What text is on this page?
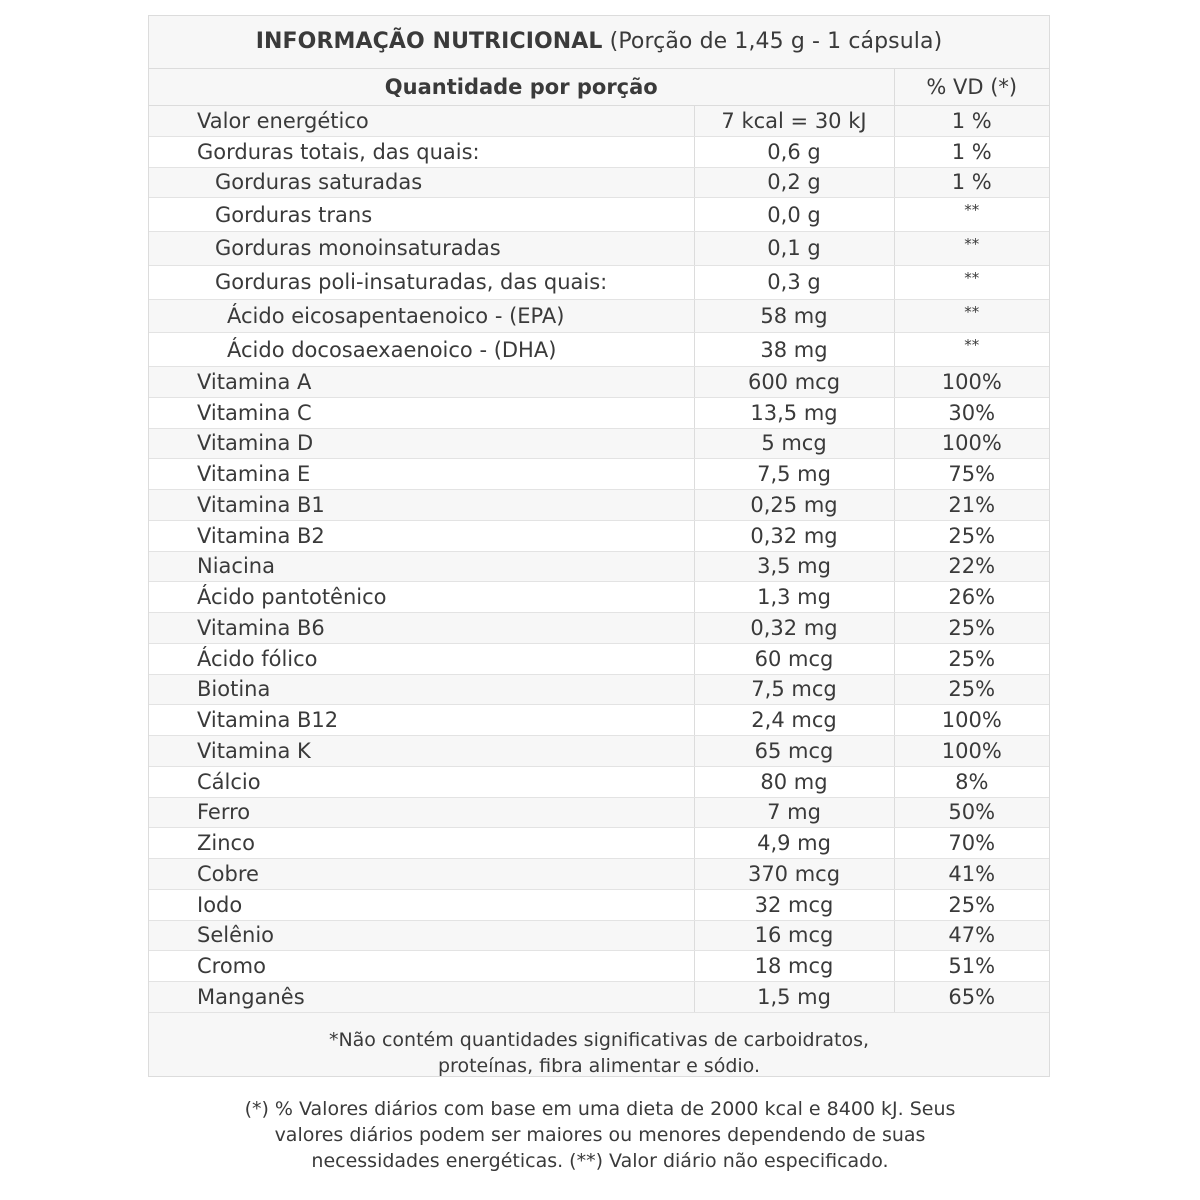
INFORMAÇÃO NUTRICIONAL (Porção de 1,45 g - 1 cápsula)
Quantidade por porção		% VD (*)
Valor energético	7 kcal = 30 kJ	1 %
Gorduras totais, das quais:	0,6 g	1 %
Gorduras saturadas	0,2 g	1 %
Gorduras trans	0,0 g	**
Gorduras monoinsaturadas	0,1 g	**
Gorduras poli-insaturadas, das quais:	0,3 g	**
Ácido eicosapentaenoico - (EPA)	58 mg	**
Ácido docosaexaenoico - (DHA)	38 mg	**
Vitamina A	600 mcg	100%
Vitamina C	13,5 mg	30%
Vitamina D	5 mcg	100%
Vitamina E	7,5 mg	75%
Vitamina B1	0,25 mg	21%
Vitamina B2	0,32 mg	25%
Niacina	3,5 mg	22%
Ácido pantotênico	1,3 mg	26%
Vitamina B6	0,32 mg	25%
Ácido fólico	60 mcg	25%
Biotina	7,5 mcg	25%
Vitamina B12	2,4 mcg	100%
Vitamina K	65 mcg	100%
Cálcio	80 mg	8%
Ferro	7 mg	50%
Zinco	4,9 mg	70%
Cobre	370 mcg	41%
Iodo	32 mcg	25%
Selênio	16 mcg	47%
Cromo	18 mcg	51%
Manganês	1,5 mg	65%
*Não contém quantidades significativas de carboidratos,
proteínas, fibra alimentar e sódio.
(*) % Valores diários com base em uma dieta de 2000 kcal e 8400 kJ. Seus
valores diários podem ser maiores ou menores dependendo de suas
necessidades energéticas. (**) Valor diário não especificado.
